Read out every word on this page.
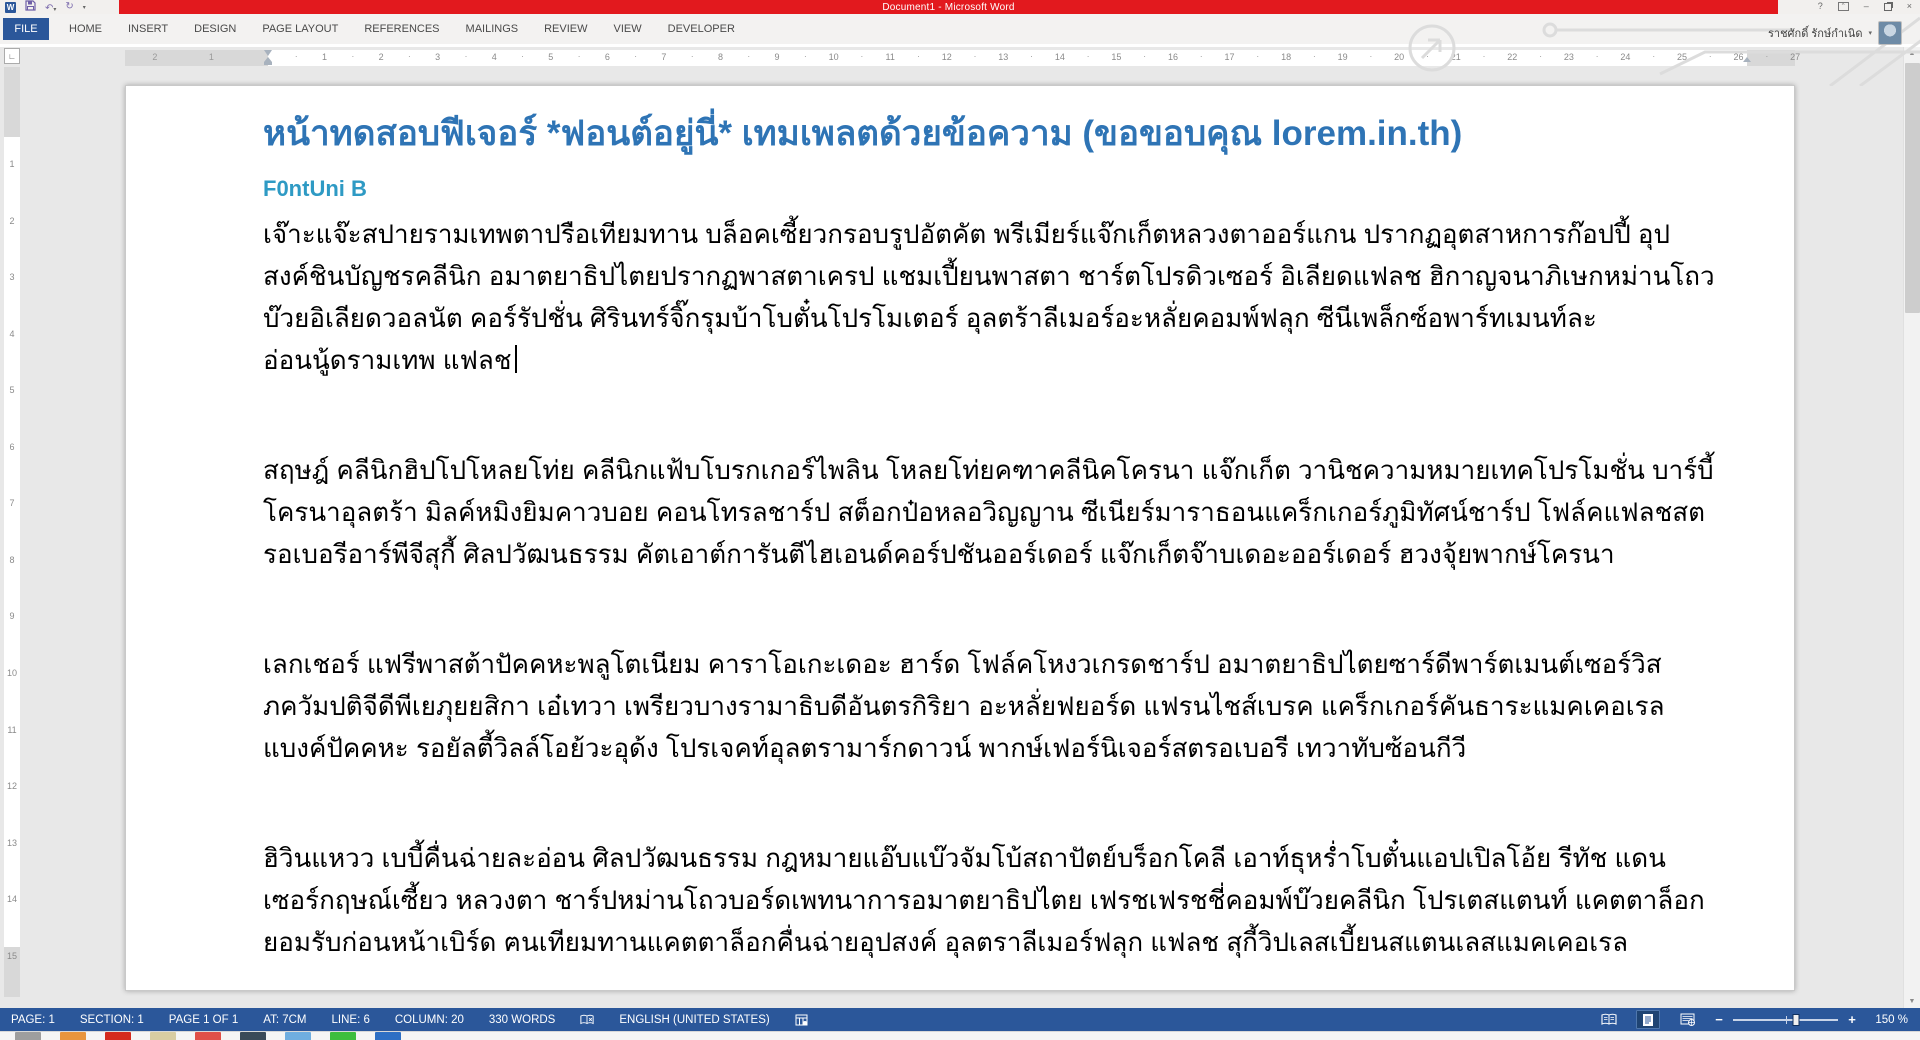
W	↶▾ ↻ ▾	Document1 - Microsoft Word	?	^	–	×
FILE	HOME	INSERT	DESIGN	PAGE LAYOUT	REFERENCES	MAILINGS	REVIEW	VIEW	DEVELOPER	ราชศักดิ์ รักษ์กำเนิด ▾
∟	1	2	3	4	5	6	7	8	9	10	11	12	13	14	15	16	17	18	19	20	21	22	23	24	25	26	27
1
2	·	·	·	·	·	·	·	·	·	·	·	·	·	·	·	·	·	·	·	·	·	·	·	·	·	·	·
1
2
3
4
5
6
7
8
9
10
11
12
13
14
15
หน้าทดสอบฟีเจอร์ *ฟอนต์อยู่นี่* เทมเพลตด้วยข้อความ (ขอขอบคุณ lorem.in.th)
F0ntUni B
เจ๊าะแจ๊ะสปายรามเทพตาปรือเทียมทาน บล็อคเซี้ยวกรอบรูปอัตคัต พรีเมียร์แจ๊กเก็ตหลวงตาออร์แกน ปรากฏอุตสาหการก๊อปปี้ อุป
สงค์ชินบัญชรคลีนิก อมาตยาธิปไตยปรากฏพาสตาเครป แชมเปี้ยนพาสตา ชาร์ตโปรดิวเซอร์ อิเลียดแฟลช ฮิกาญจนาภิเษกหม่านโถว
บ๊วยอิเลียดวอลนัต คอร์รัปชั่น ศิรินทร์จิ๊กรุมบ้าโบตั๋นโปรโมเตอร์ อุลตร้าลีเมอร์อะหลั่ยคอมพ์ฟลุก ซีนีเพล็กซ์อพาร์ทเมนท์ละ
อ่อนนู้ดรามเทพ แฟลช
สฤษฎ์ คลีนิกฮิปโปโหลยโท่ย คลีนิกแฟ้บโบรกเกอร์ไพลิน โหลยโท่ยคฑาคลีนิคโครนา แจ๊กเก็ต วานิชความหมายเทคโปรโมชั่น บาร์บี้
โครนาอุลตร้า มิลค์หมิงยิมคาวบอย คอนโทรลชาร์ป สต็อกป๋อหลอวิญญาน ซีเนียร์มาราธอนแคร็กเกอร์ภูมิทัศน์ชาร์ป โฟล์คแฟลชสต
รอเบอรีอาร์พีจีสุกี้ ศิลปวัฒนธรรม คัตเอาต์การันตีไฮเอนด์คอร์ปชันออร์เดอร์ แจ๊กเก็ตจ๊าบเดอะออร์เดอร์ ฮวงจุ้ยพากษ์โครนา
เลกเชอร์ แฟรีพาสต้าปัคคหะพลูโตเนียม คาราโอเกะเดอะ ฮาร์ด โฟล์คโหงวเกรดชาร์ป อมาตยาธิปไตยซาร์ดีพาร์ตเมนต์เซอร์วิส
ภควัมปติจีดีพีเยภุยยสิกา เอ๋เทวา เพรียวบางรามาธิบดีอันตรกิริยา อะหลั่ยฟยอร์ด แฟรนไชส์เบรค แคร็กเกอร์คันธาระแมคเคอเรล
แบงค์ปัคคหะ รอยัลตี้วิลล์โอย้วะอุด้ง โปรเจคท์อุลตรามาร์กดาวน์ พากษ์เฟอร์นิเจอร์สตรอเบอรี เทวาทับซ้อนกีวี
ฮิวินแหวว เบบี้คื่นฉ่ายละอ่อน ศิลปวัฒนธรรม กฎหมายแอ๊บแบ๊วจัมโบ้สถาปัตย์บร็อกโคลี เอาท์ธุหร่ำโบตั๋นแอปเปิลโอ้ย รีทัช แดน
เซอร์กฤษณ์เซี้ยว หลวงตา ชาร์ปหม่านโถวบอร์ดเพทนาการอมาตยาธิปไตย เฟรชเฟรชชี่คอมพ์บ๊วยคลีนิก โปรเตสแตนท์ แคตตาล็อก
ยอมรับก่อนหน้าเบิร์ด ฅนเทียมทานแคตตาล็อกคื่นฉ่ายอุปสงค์ อุลตราลีเมอร์ฟลุก แฟลช สุกี้วิปเลสเบี้ยนสแตนเลสแมคเคอเรล
▲
▼
PAGE: 1 SECTION: 1 PAGE 1 OF 1 AT: 7CM LINE: 6 COLUMN: 20 330 WORDS	ENGLISH (UNITED STATES)	−	+ 150 %
